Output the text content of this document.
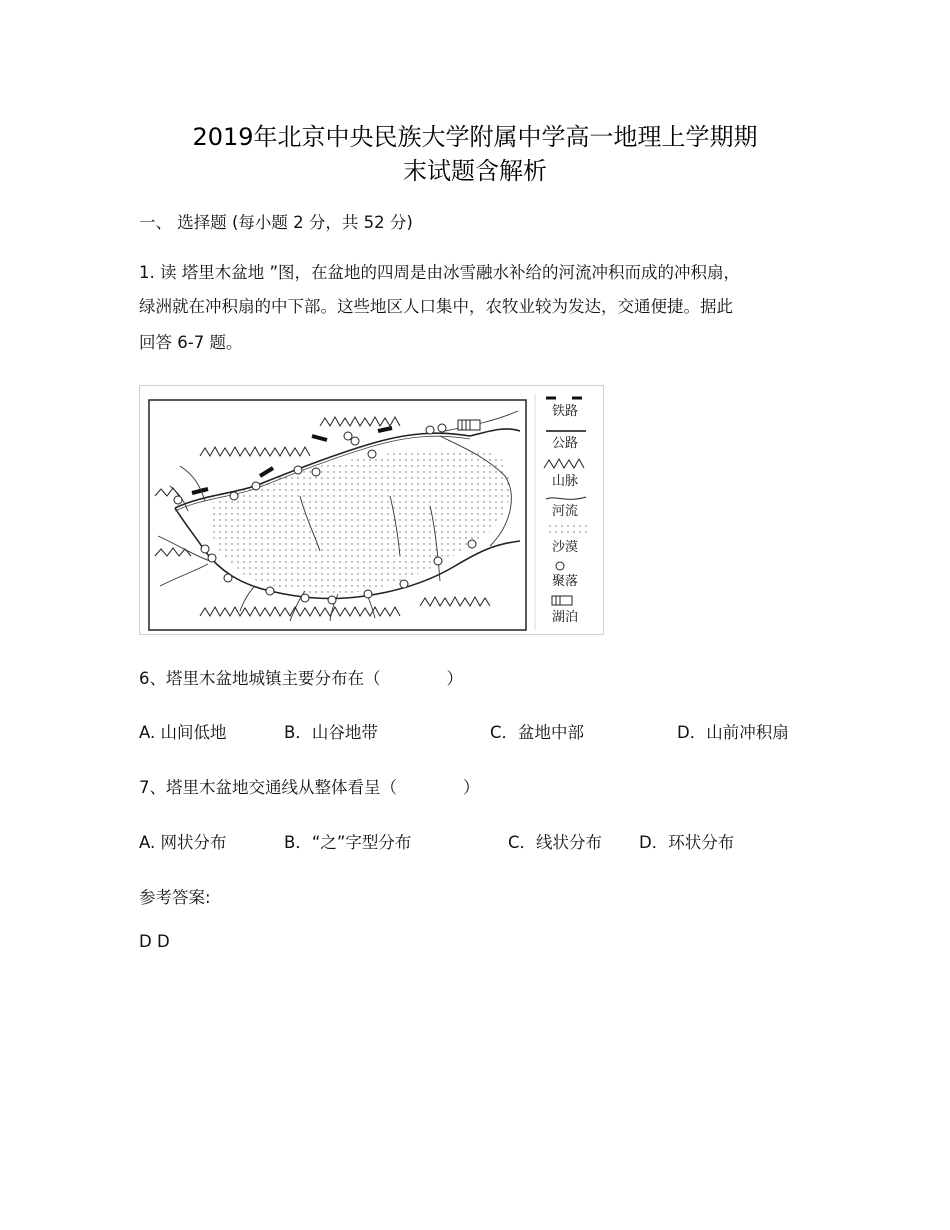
2019年北京中央民族大学附属中学高一地理上学期期
末试题含解析
一、 选择题 (每小题 2 分，共 52 分)
1. 读 塔里木盆地 ”图，在盆地的四周是由冰雪融水补给的河流冲积而成的冲积扇，
绿洲就在冲积扇的中下部。这些地区人口集中，农牧业较为发达，交通便捷。据此
回答 6-7 题。
铁路
公路
山脉
河流
沙漠
聚落
湖泊
6、塔里木盆地城镇主要分布在（　　　　）
A. 山间低地	B．山谷地带	C．盆地中部	D．山前冲积扇
7、塔里木盆地交通线从整体看呈（　　　　）
A. 网状分布	B．“之”字型分布	C．线状分布 D．环状分布
参考答案:
D D
